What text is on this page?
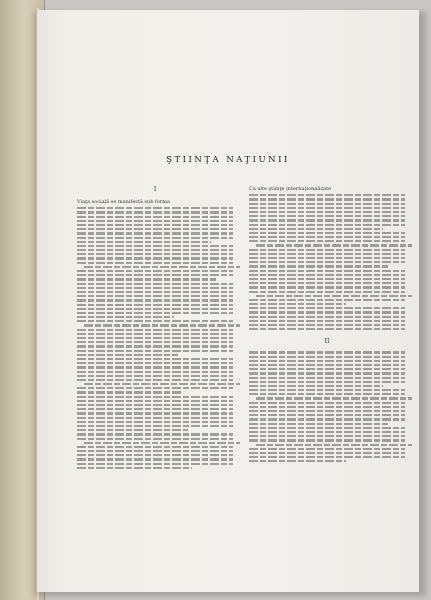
ŞTIINŢA NAŢIUNII
I
Viaţa socială se manifestă sub forma
Ca alte ştiinţe internaţionalizate
II
